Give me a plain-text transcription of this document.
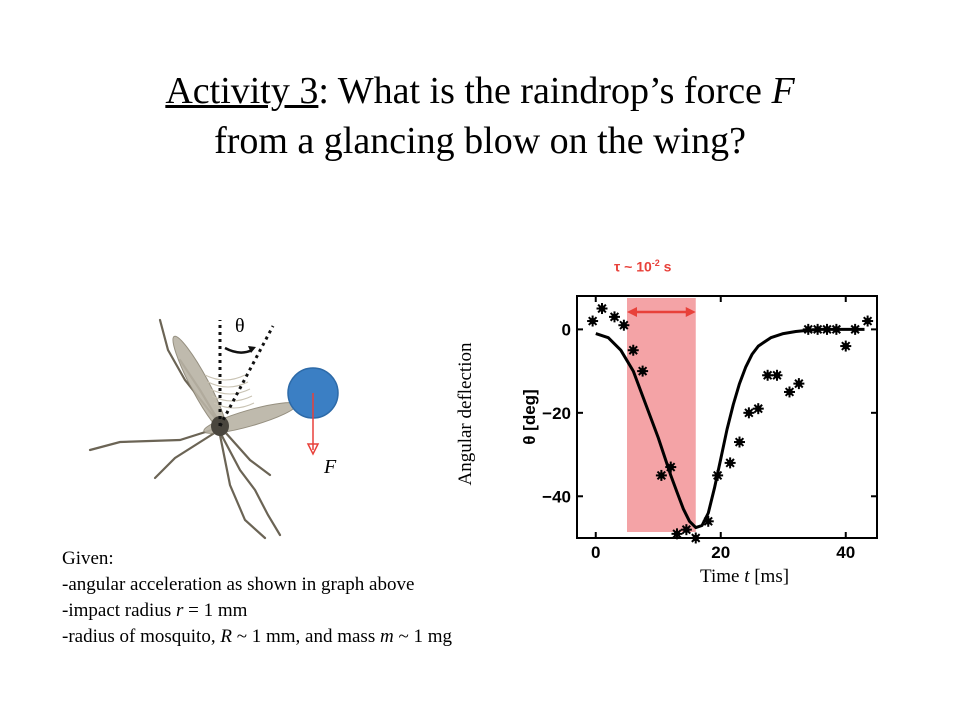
Activity 3: What is the raindrop’s force F
from a glancing blow on the wing?
θ
F
τ ~ $10^{-2}$ s
0	20	40
0
−20
−40
θ [deg]
Angular deflection
Time t [ms]
Given:
-angular acceleration as shown in graph above
-impact radius r = 1 mm
-radius of mosquito, R ~ 1 mm, and mass m ~ 1 mg
